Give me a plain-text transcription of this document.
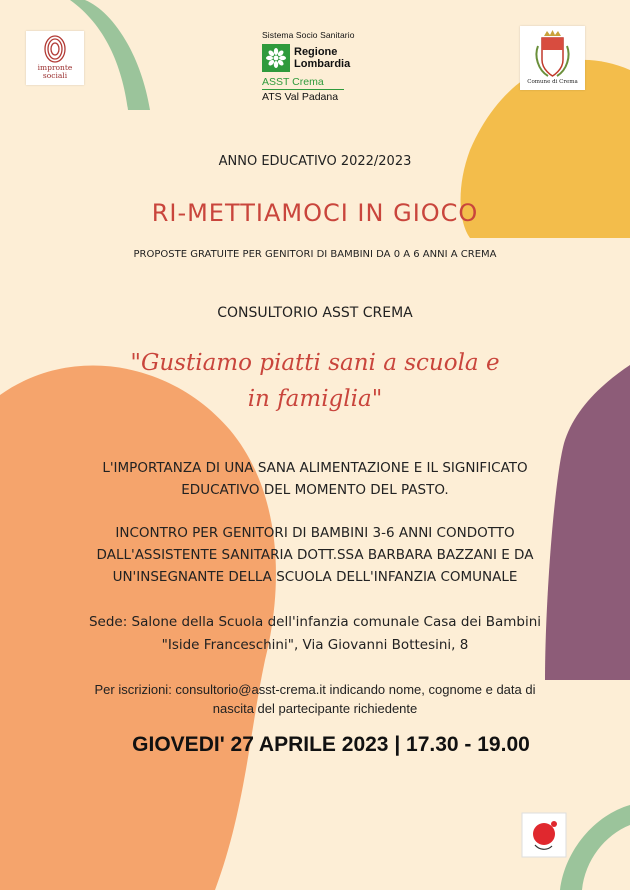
impronte
sociali
Sistema Socio Sanitario
Regione
Lombardia
ASST Crema
ATS Val Padana
Comune di Crema
ANNO EDUCATIVO 2022/2023
RI-METTIAMOCI IN GIOCO
PROPOSTE GRATUITE PER GENITORI DI BAMBINI DA 0 A 6 ANNI A CREMA
CONSULTORIO ASST CREMA
"Gustiamo piatti sani a scuola e
in famiglia"
L'IMPORTANZA DI UNA SANA ALIMENTAZIONE E IL SIGNIFICATO
EDUCATIVO DEL MOMENTO DEL PASTO.
INCONTRO PER GENITORI DI BAMBINI 3-6 ANNI CONDOTTO
DALL'ASSISTENTE SANITARIA DOTT.SSA BARBARA BAZZANI E DA
UN'INSEGNANTE DELLA SCUOLA DELL'INFANZIA COMUNALE
Sede: Salone della Scuola dell'infanzia comunale Casa dei Bambini
"Iside Franceschini", Via Giovanni Bottesini, 8
Per iscrizioni: consultorio@asst-crema.it indicando nome, cognome e data di
nascita del partecipante richiedente
GIOVEDI' 27 APRILE 2023 | 17.30 - 19.00
